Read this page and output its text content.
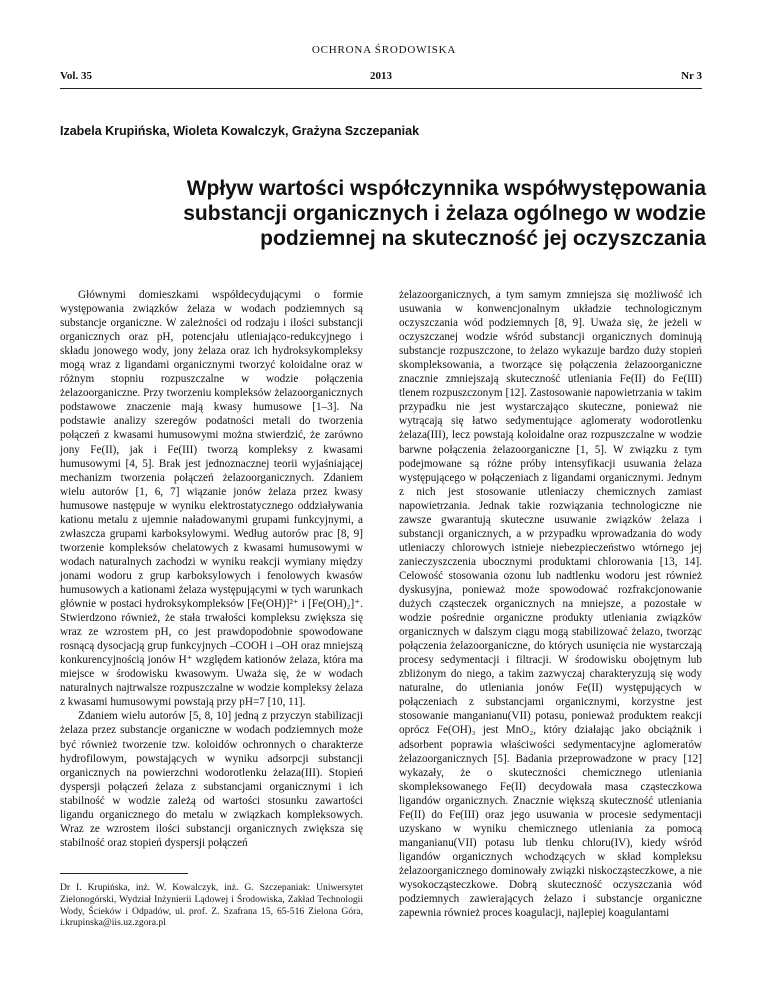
OCHRONA ŚRODOWISKA
Vol. 35	2013	Nr 3
Izabela Krupińska, Wioleta Kowalczyk, Grażyna Szczepaniak
Wpływ wartości współczynnika współwystępowania substancji organicznych i żelaza ogólnego w wodzie podziemnej na skuteczność jej oczyszczania

Głównymi domieszkami współdecydującymi o formie występowania związków żelaza w wodach podziemnych są substancje organiczne. W zależności od rodzaju i ilości substancji organicznych oraz pH, potencjału utleniająco-redukcyjnego i składu jonowego wody, jony żelaza oraz ich hydroksykompleksy mogą wraz z ligandami organicznymi tworzyć koloidalne oraz w różnym stopniu rozpuszczalne w wodzie połączenia żelazoorganiczne. Przy tworzeniu kompleksów żelazoorganicznych podstawowe znaczenie mają kwasy humusowe [1–3]. Na podstawie analizy szeregów podatności metali do tworzenia połączeń z kwasami humusowymi można stwierdzić, że zarówno jony Fe(II), jak i Fe(III) tworzą kompleksy z kwasami humusowymi [4, 5]. Brak jest jednoznacznej teorii wyjaśniającej mechanizm tworzenia połączeń żelazoorganicznych. Zdaniem wielu autorów [1, 6, 7] wiązanie jonów żelaza przez kwasy humusowe następuje w wyniku elektrostatycznego oddziaływania kationu metalu z ujemnie naładowanymi grupami funkcyjnymi, a zwłaszcza grupami karboksylowymi. Według autorów prac [8, 9] tworzenie kompleksów chelatowych z kwasami humusowymi w wodach naturalnych zachodzi w wyniku reakcji wymiany między jonami wodoru z grup karboksylowych i fenolowych kwasów humusowych a kationami żelaza występującymi w tych warunkach głównie w postaci hydroksykompleksów [Fe(OH)]²⁺ i [Fe(OH)₂]⁺. Stwierdzono również, że stała trwałości kompleksu zwiększa się wraz ze wzrostem pH, co jest prawdopodobnie spowodowane rosnącą dysocjacją grup funkcyjnych –COOH i –OH oraz mniejszą konkurencyjnością jonów H⁺ względem kationów żelaza, która ma miejsce w środowisku kwasowym. Uważa się, że w wodach naturalnych najtrwalsze rozpuszczalne w wodzie kompleksy żelaza z kwasami humusowymi powstają przy pH=7 [10, 11].

Zdaniem wielu autorów [5, 8, 10] jedną z przyczyn stabilizacji żelaza przez substancje organiczne w wodach podziemnych może być również tworzenie tzw. koloidów ochronnych o charakterze hydrofilowym, powstających w wyniku adsorpcji substancji organicznych na powierzchni wodorotlenku żelaza(III). Stopień dyspersji połączeń żelaza z substancjami organicznymi i ich stabilność w wodzie zależą od wartości stosunku zawartości ligandu organicznego do metalu w związkach kompleksowych. Wraz ze wzrostem ilości substancji organicznych zwiększa się stabilność oraz stopień dyspersji połączeń

żelazoorganicznych, a tym samym zmniejsza się możliwość ich usuwania w konwencjonalnym układzie technologicznym oczyszczania wód podziemnych [8, 9]. Uważa się, że jeżeli w oczyszczanej wodzie wśród substancji organicznych dominują substancje rozpuszczone, to żelazo wykazuje bardzo duży stopień skompleksowania, a tworzące się połączenia żelazoorganiczne znacznie zmniejszają skuteczność utleniania Fe(II) do Fe(III) tlenem rozpuszczonym [12]. Zastosowanie napowietrzania w takim przypadku nie jest wystarczająco skuteczne, ponieważ nie wytrącają się łatwo sedymentujące aglomeraty wodorotlenku żelaza(III), lecz powstają koloidalne oraz rozpuszczalne w wodzie barwne połączenia żelazoorganiczne [1, 5]. W związku z tym podejmowane są różne próby intensyfikacji usuwania żelaza występującego w połączeniach z ligandami organicznymi. Jednym z nich jest stosowanie utleniaczy chemicznych zamiast napowietrzania. Jednak takie rozwiązania technologiczne nie zawsze gwarantują skuteczne usuwanie związków żelaza i substancji organicznych, a w przypadku wprowadzania do wody utleniaczy chlorowych istnieje niebezpieczeństwo wtórnego jej zanieczyszczenia ubocznymi produktami chlorowania [13, 14]. Celowość stosowania ozonu lub nadtlenku wodoru jest również dyskusyjna, ponieważ może spowodować rozfrakcjonowanie dużych cząsteczek organicznych na mniejsze, a pozostałe w wodzie pośrednie organiczne produkty utleniania związków organicznych w dalszym ciągu mogą stabilizować żelazo, tworząc połączenia żelazoorganiczne, do których usunięcia nie wystarczają procesy sedymentacji i filtracji. W środowisku obojętnym lub zbliżonym do niego, a takim zazwyczaj charakteryzują się wody naturalne, do utleniania jonów Fe(II) występujących w połączeniach z substancjami organicznymi, korzystne jest stosowanie manganianu(VII) potasu, ponieważ produktem reakcji oprócz Fe(OH)₃ jest MnO₂, który działając jako obciążnik i adsorbent poprawia właściwości sedymentacyjne aglomeratów żelazoorganicznych [5]. Badania przeprowadzone w pracy [12] wykazały, że o skuteczności chemicznego utleniania skompleksowanego Fe(II) decydowała masa cząsteczkowa ligandów organicznych. Znacznie większą skuteczność utleniania Fe(II) do Fe(III) oraz jego usuwania w procesie sedymentacji uzyskano w wyniku chemicznego utleniania za pomocą manganianu(VII) potasu lub tlenku chloru(IV), kiedy wśród ligandów organicznych wchodzących w skład kompleksu żelazoorganicznego dominowały związki niskocząsteczkowe, a nie wysokocząsteczkowe. Dobrą skuteczność oczyszczania wód podziemnych zawierających żelazo i substancje organiczne zapewnia również proces koagulacji, najlepiej koagulantami

Dr I. Krupińska, inż. W. Kowalczyk, inż. G. Szczepaniak: Uniwersytet Zielonogórski, Wydział Inżynierii Lądowej i Środowiska, Zakład Technologii Wody, Ścieków i Odpadów, ul. prof. Z. Szafrana 15, 65-516 Zielona Góra, i.krupinska@iis.uz.zgora.pl
